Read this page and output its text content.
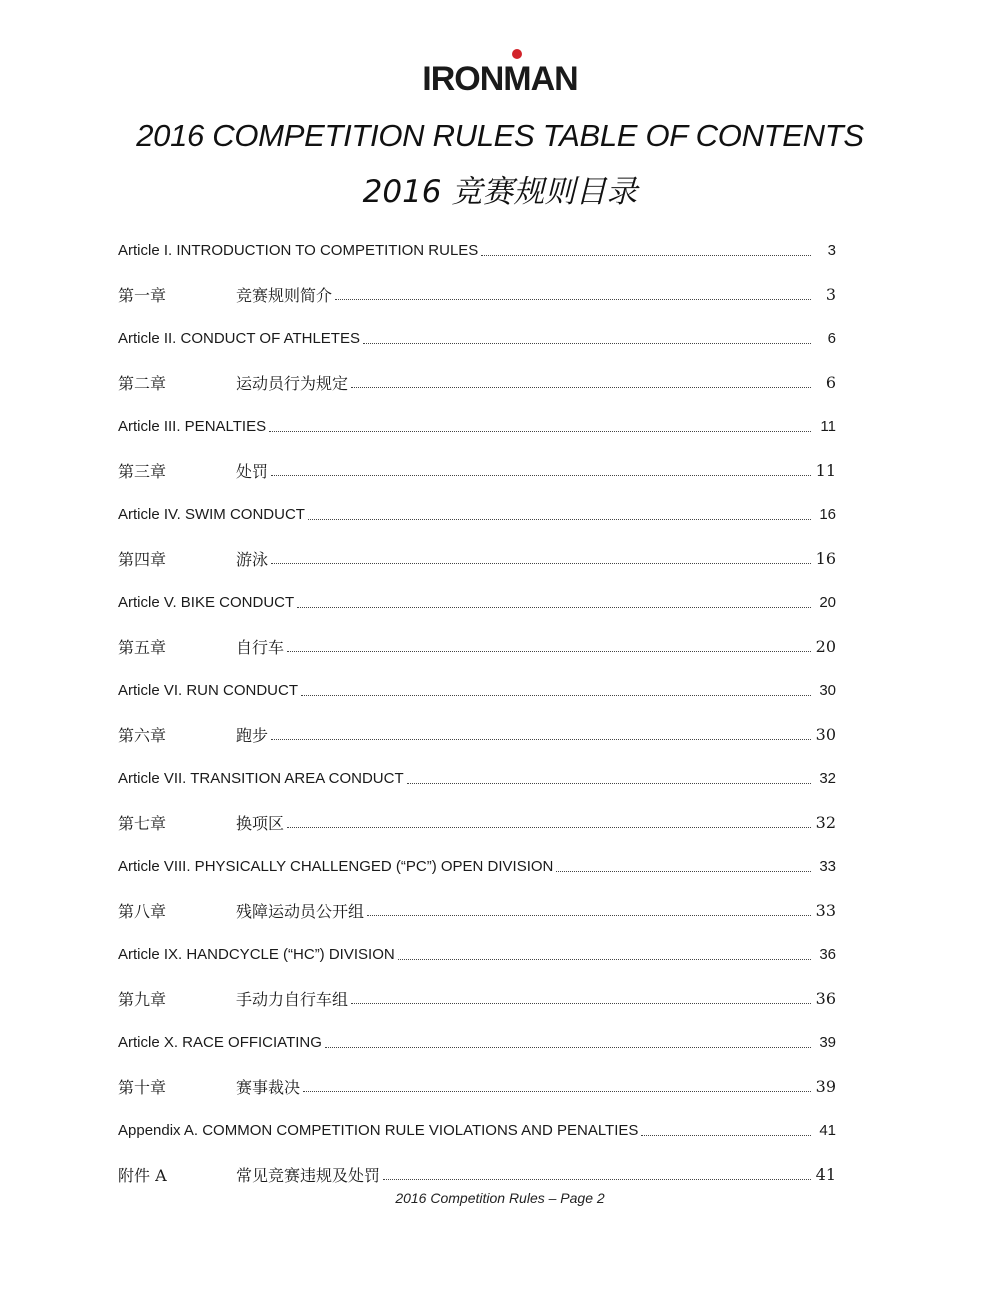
IRONMAN
2016 COMPETITION RULES TABLE OF CONTENTS
2016 竞赛规则目录
Article I. INTRODUCTION TO COMPETITION RULES	3
第一章	竞赛规则简介	3
Article II. CONDUCT OF ATHLETES	6
第二章	运动员行为规定	6
Article III. PENALTIES	11
第三章	处罚	11
Article IV. SWIM CONDUCT	16
第四章	游泳	16
Article V. BIKE CONDUCT	20
第五章	自行车	20
Article VI. RUN CONDUCT	30
第六章	跑步	30
Article VII. TRANSITION AREA CONDUCT	32
第七章	换项区	32
Article VIII. PHYSICALLY CHALLENGED (“PC”) OPEN DIVISION	33
第八章	残障运动员公开组	33
Article IX. HANDCYCLE (“HC”) DIVISION	36
第九章	手动力自行车组	36
Article X. RACE OFFICIATING	39
第十章	赛事裁决	39
Appendix A. COMMON COMPETITION RULE VIOLATIONS AND PENALTIES	41
附件 A	常见竞赛违规及处罚	41
2016 Competition Rules – Page 2
